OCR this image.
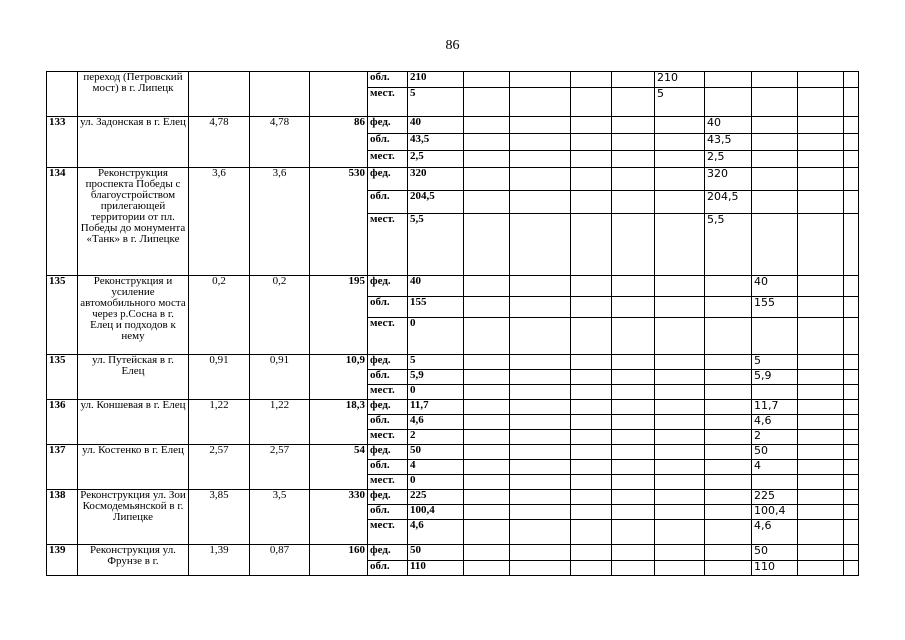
86
	переход (Петровский мост) в г. Липецк				обл.	210					210				
					мест.	5					5				
133	ул. Задонская в г. Елец	4,78	4,78	86	фед.	40						40			
					обл.	43,5						43,5			
					мест.	2,5						2,5			
134	Реконструкция проспекта Победы с благоустройством прилегающей территории от пл. Победы до монумента «Танк» в г. Липецке	3,6	3,6	530	фед.	320						320			
					обл.	204,5						204,5			
					мест.	5,5						5,5			
135	Реконструкция и усиление автомобильного моста через р.Сосна в г. Елец и подходов к нему	0,2	0,2	195	фед.	40							40		
					обл.	155							155		
					мест.	0									
135	ул. Путейская в г. Елец	0,91	0,91	10,9	фед.	5							5		
					обл.	5,9							5,9		
					мест.	0									
136	ул. Коншевая в г. Елец	1,22	1,22	18,3	фед.	11,7							11,7		
					обл.	4,6							4,6		
					мест.	2							2		
137	ул. Костенко в г. Елец	2,57	2,57	54	фед.	50							50		
					обл.	4							4		
					мест.	0									
138	Реконструкция ул. Зои Космодемьянской в г. Липецке	3,85	3,5	330	фед.	225							225		
					обл.	100,4							100,4		
					мест.	4,6							4,6		
139	Реконструкция ул. Фрунзе в г.	1,39	0,87	160	фед.	50							50		
					обл.	110							110		
